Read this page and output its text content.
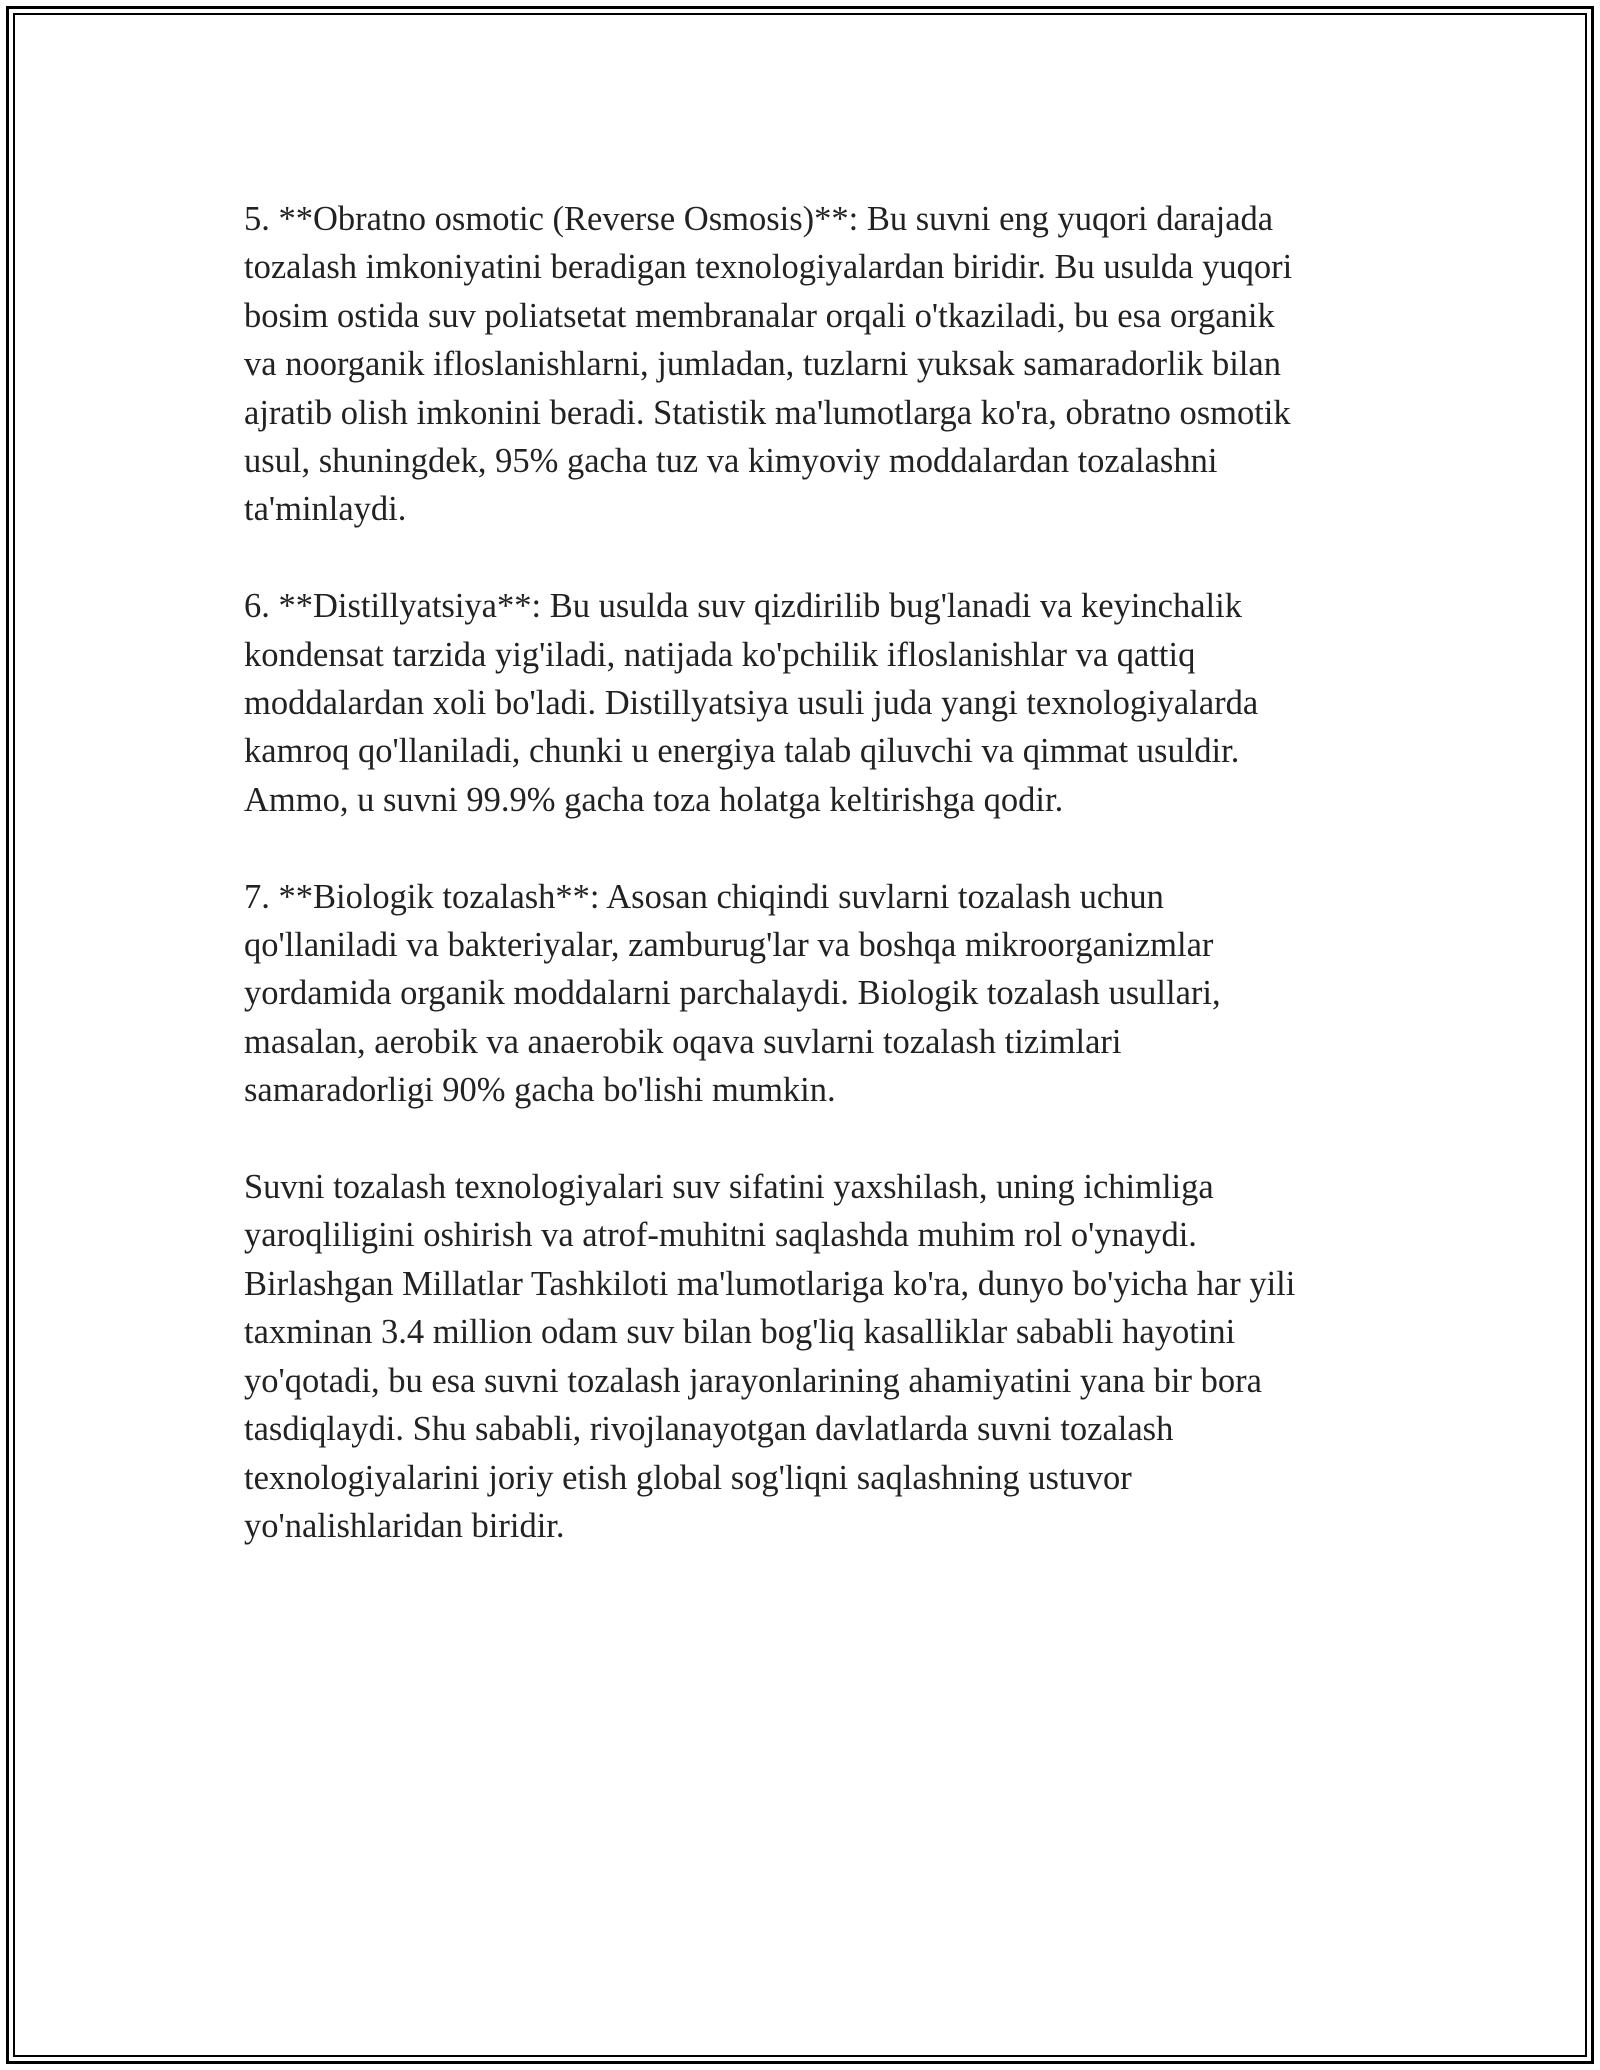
5. **Obratno osmotic (Reverse Osmosis)**: Bu suvni eng yuqori darajada
tozalash imkoniyatini beradigan texnologiyalardan biridir. Bu usulda yuqori
bosim ostida suv poliatsetat membranalar orqali o'tkaziladi, bu esa organik
va noorganik ifloslanishlarni, jumladan, tuzlarni yuksak samaradorlik bilan
ajratib olish imkonini beradi. Statistik ma'lumotlarga ko'ra, obratno osmotik
usul, shuningdek, 95% gacha tuz va kimyoviy moddalardan tozalashni
ta'minlaydi.

6. **Distillyatsiya**: Bu usulda suv qizdirilib bug'lanadi va keyinchalik
kondensat tarzida yig'iladi, natijada ko'pchilik ifloslanishlar va qattiq
moddalardan xoli bo'ladi. Distillyatsiya usuli juda yangi texnologiyalarda
kamroq qo'llaniladi, chunki u energiya talab qiluvchi va qimmat usuldir.
Ammo, u suvni 99.9% gacha toza holatga keltirishga qodir.

7. **Biologik tozalash**: Asosan chiqindi suvlarni tozalash uchun
qo'llaniladi va bakteriyalar, zamburug'lar va boshqa mikroorganizmlar
yordamida organik moddalarni parchalaydi. Biologik tozalash usullari,
masalan, aerobik va anaerobik oqava suvlarni tozalash tizimlari
samaradorligi 90% gacha bo'lishi mumkin.

Suvni tozalash texnologiyalari suv sifatini yaxshilash, uning ichimliga
yaroqliligini oshirish va atrof-muhitni saqlashda muhim rol o'ynaydi.
Birlashgan Millatlar Tashkiloti ma'lumotlariga ko'ra, dunyo bo'yicha har yili
taxminan 3.4 million odam suv bilan bog'liq kasalliklar sababli hayotini
yo'qotadi, bu esa suvni tozalash jarayonlarining ahamiyatini yana bir bora
tasdiqlaydi. Shu sababli, rivojlanayotgan davlatlarda suvni tozalash
texnologiyalarini joriy etish global sog'liqni saqlashning ustuvor
yo'nalishlaridan biridir.
